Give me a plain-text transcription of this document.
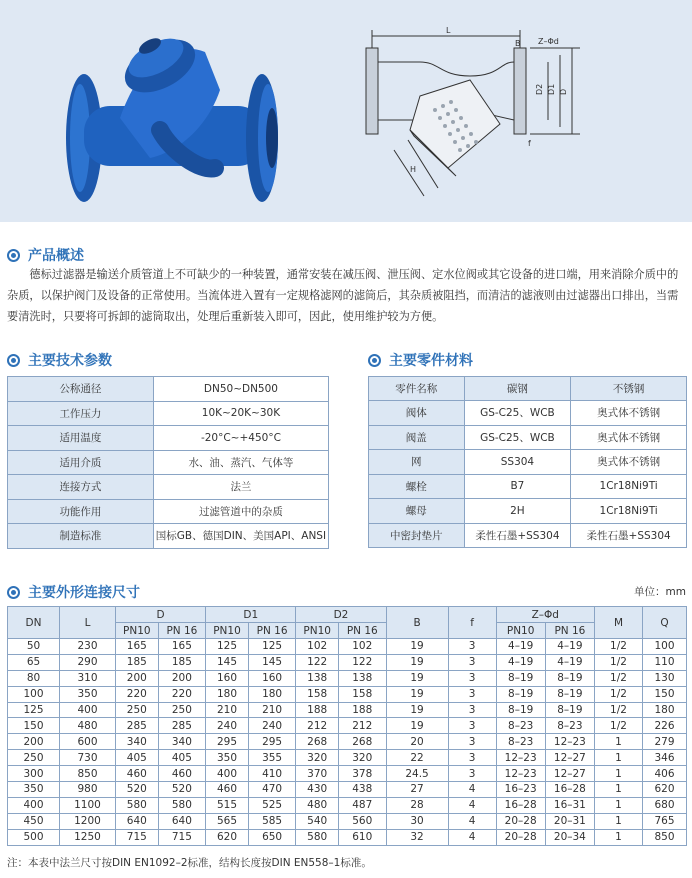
L
B Z–Φd
D2 D1 D
H
f
产品概述

德标过滤器是输送介质管道上不可缺少的一种装置，通常安装在减压阀、泄压阀、定水位阀或其它设备的进口端，用来消除介质中的杂质，以保护阀门及设备的正常使用。当流体进入置有一定规格滤网的滤筒后，其杂质被阻挡，而清洁的滤液则由过滤器出口排出，当需要清洗时，只要将可拆卸的滤筒取出，处理后重新装入即可，因此，使用维护较为方便。

主要技术参数
公称通径	DN50~DN500
工作压力	10K~20K~30K
适用温度	-20°C~+450°C
适用介质	水、油、蒸汽、气体等
连接方式	法兰
功能作用	过滤管道中的杂质
制造标准	国标GB、德国DIN、美国API、ANSI
主要零件材料
零件名称	碳钢	不锈钢
阀体	GS-C25、WCB	奥式体不锈钢
阀盖	GS-C25、WCB	奥式体不锈钢
网	SS304	奥式体不锈钢
螺栓	B7	1Cr18Ni9Ti
螺母	2H	1Cr18Ni9Ti
中密封垫片	柔性石墨+SS304	柔性石墨+SS304
主要外形连接尺寸	单位：mm
DN	L	D		D1		D2		B	f	Z–Φd		M	Q
		PN10	PN 16	PN10	PN 16	PN10	PN 16			PN10	PN 16		
50	230	165	165	125	125	102	102	19	3	4–19	4–19	1/2	100
65	290	185	185	145	145	122	122	19	3	4–19	4–19	1/2	110
80	310	200	200	160	160	138	138	19	3	8–19	8–19	1/2	130
100	350	220	220	180	180	158	158	19	3	8–19	8–19	1/2	150
125	400	250	250	210	210	188	188	19	3	8–19	8–19	1/2	180
150	480	285	285	240	240	212	212	19	3	8–23	8–23	1/2	226
200	600	340	340	295	295	268	268	20	3	8–23	12–23	1	279
250	730	405	405	350	355	320	320	22	3	12–23	12–27	1	346
300	850	460	460	400	410	370	378	24.5	3	12–23	12–27	1	406
350	980	520	520	460	470	430	438	27	4	16–23	16–28	1	620
400	1100	580	580	515	525	480	487	28	4	16–28	16–31	1	680
450	1200	640	640	565	585	540	560	30	4	20–28	20–31	1	765
500	1250	715	715	620	650	580	610	32	4	20–28	20–34	1	850
注：本表中法兰尺寸按DIN EN1092–2标准，结构长度按DIN EN558–1标准。
